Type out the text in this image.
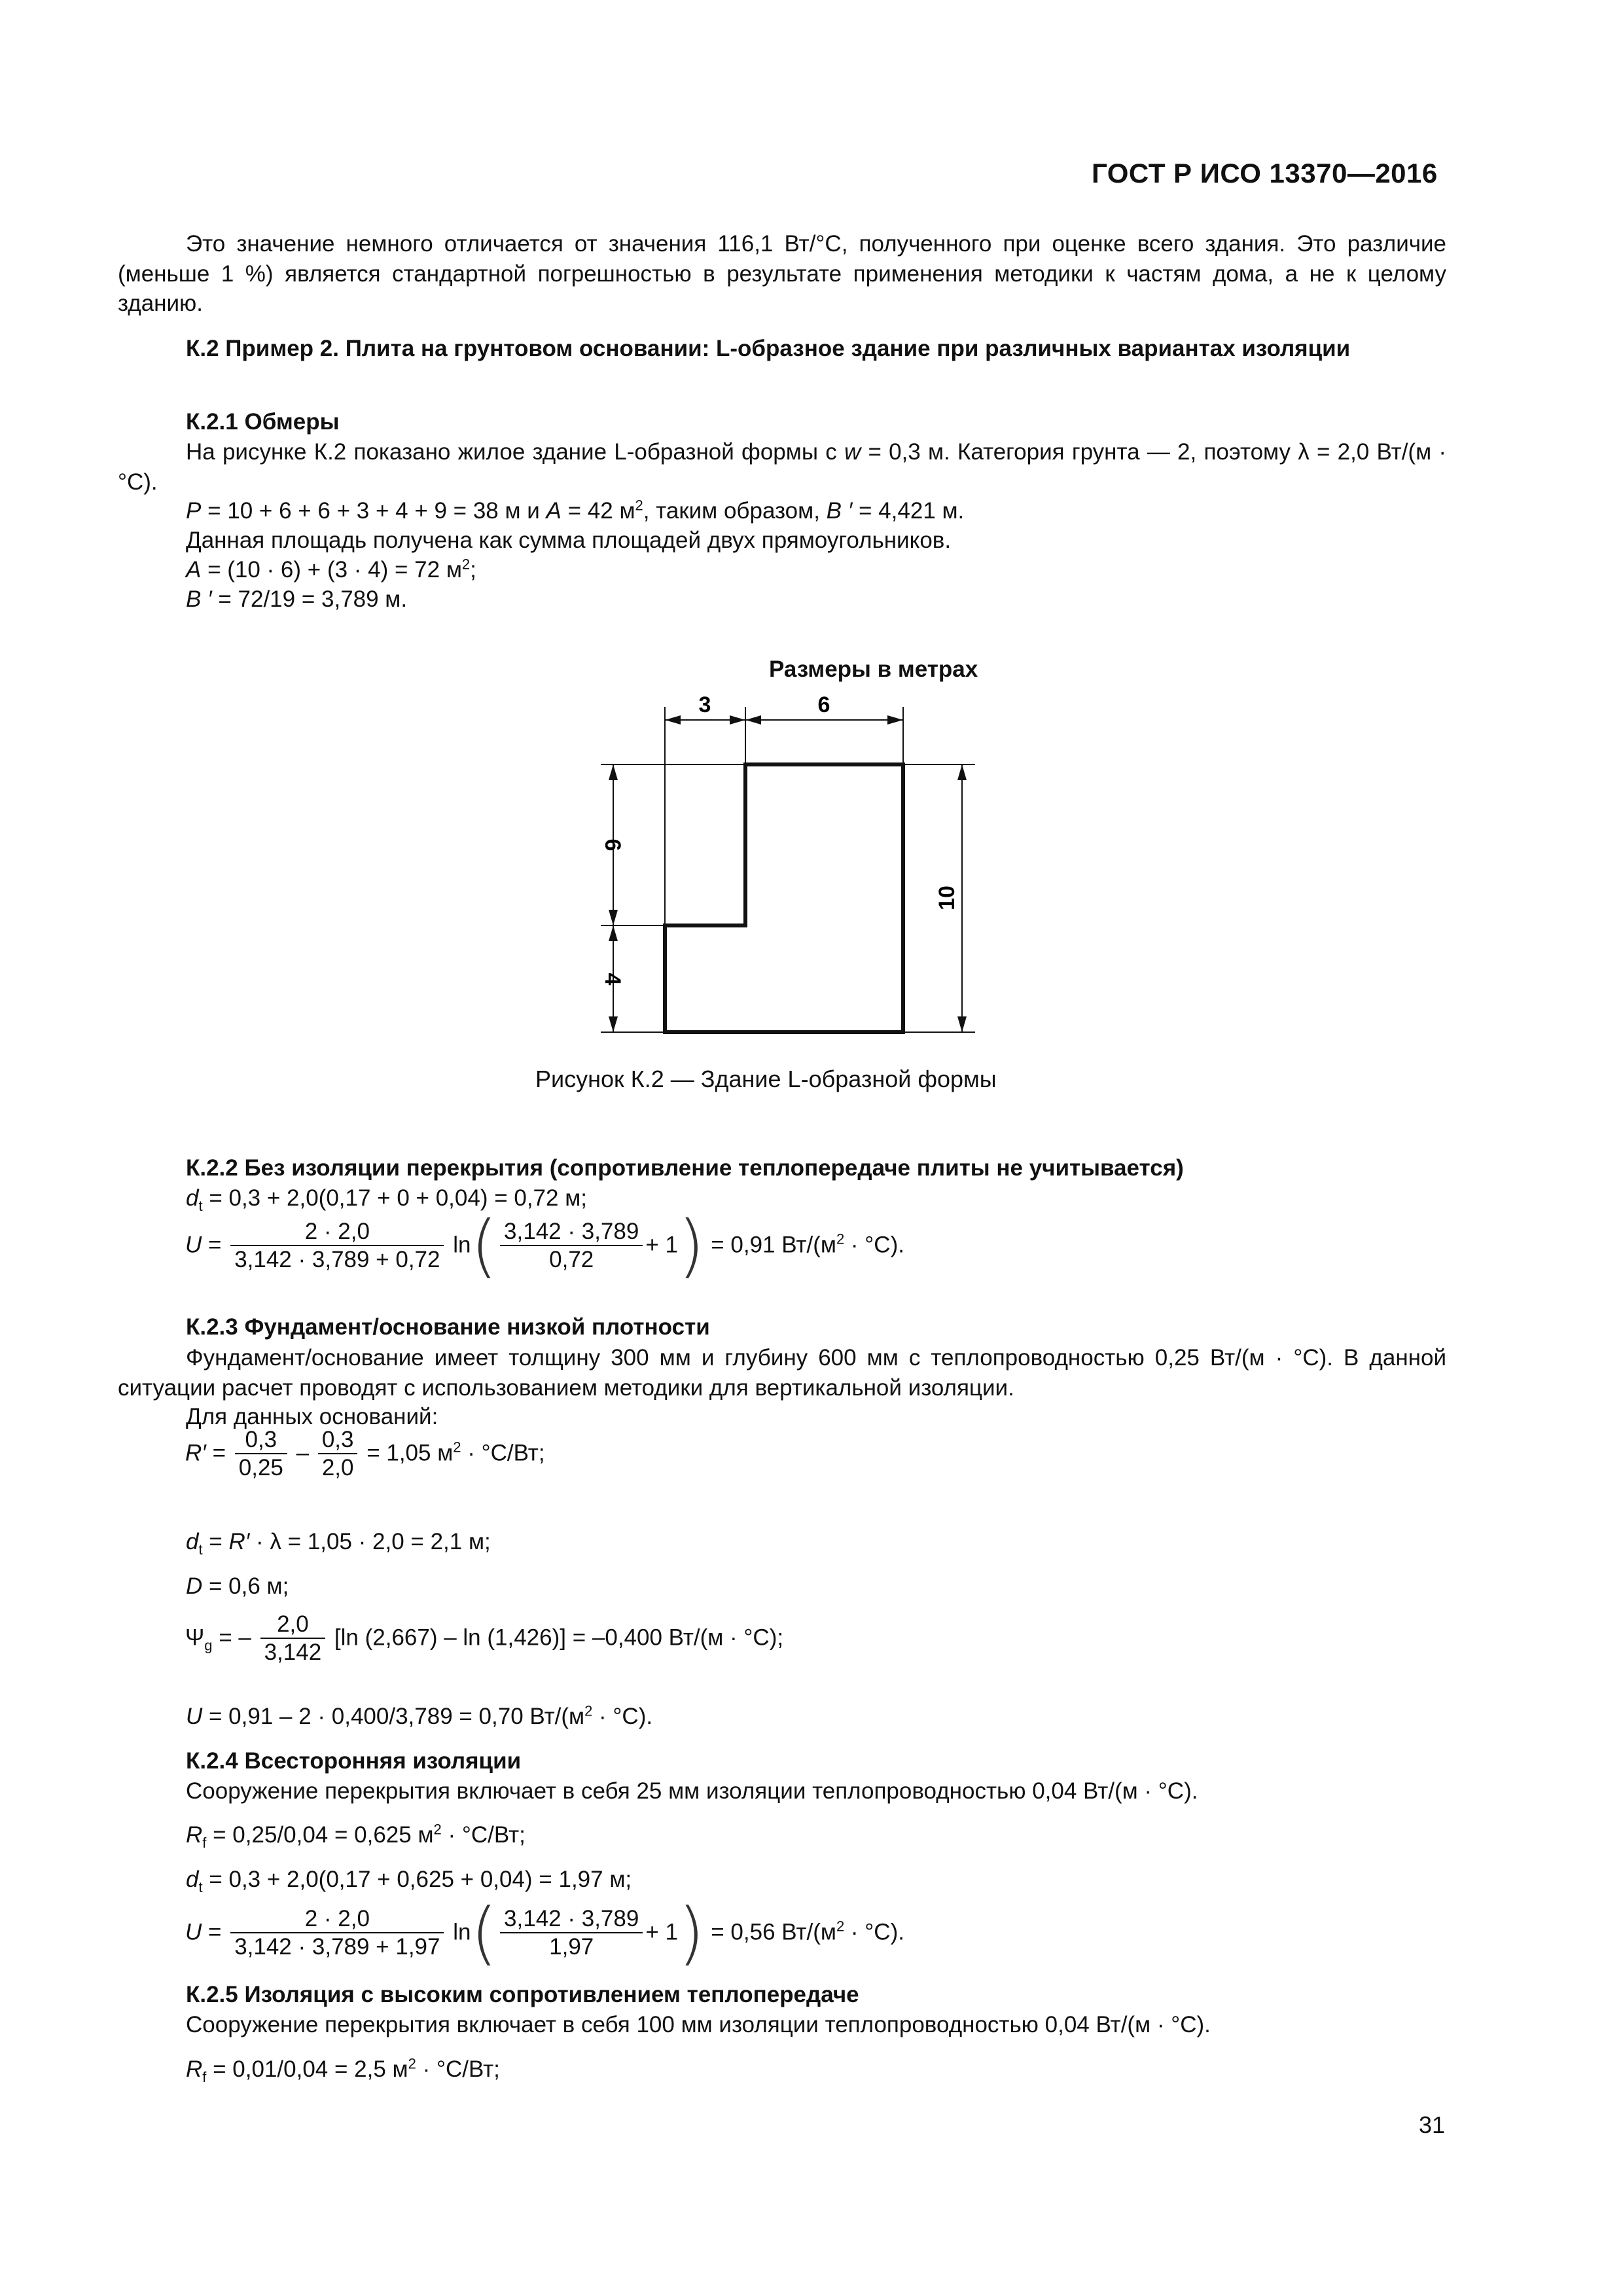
ГОСТ Р ИСО 13370—2016
Это значение немного отличается от значения 116,1 Вт/°С, полученного при оценке всего здания. Это различие (меньше 1 %) является стандартной погрешностью в результате применения методики к частям дома, а не к целому зданию.
К.2 Пример 2. Плита на грунтовом основании: L-образное здание при различных вариантах изоляции
К.2.1 Обмеры
На рисунке К.2 показано жилое здание L-образной формы с w = 0,3 м. Категория грунта — 2, поэтому λ = 2,0 Вт/(м · °С).
P = 10 + 6 + 6 + 3 + 4 + 9 = 38 м и A = 42 $м^2$, таким образом, B ′ = 4,421 м.
Данная площадь получена как сумма площадей двух прямоугольников.
A = (10 · 6) + (3 · 4) = 72 $м^2$;
B ′ = 72/19 = 3,789 м.
Размеры в метрах
3	6
6
4
10
Рисунок К.2 — Здание L-образной формы
К.2.2 Без изоляции перекрытия (сопротивление теплопередаче плиты не учитывается)
$d_t = 0,3 + 2,0(0,17 + 0 + 0,04) = 0,72$ м;
$U = \frac{2 \cdot 2,0}{3,142 \cdot 3,789 + 0,72} \ln( \frac{3,142 \cdot 3,789}{0,72} + 1) = 0,91$ $Вт/(м^2 \cdot ^\circ С)$.
К.2.3 Фундамент/основание низкой плотности
Фундамент/основание имеет толщину 300 мм и глубину 600 мм с теплопроводностью 0,25 Вт/(м · °С). В данной ситуации расчет проводят с использованием методики для вертикальной изоляции.
Для данных оснований:
$R' = \frac{0,3}{0,25} - \frac{0,3}{2,0} = 1,05$ $м^2 \cdot ^\circ С/Вт$;
$d_t = R' \cdot \lambda = 1,05 \cdot 2,0 = 2,1$ м;
D = 0,6 м;
$\Psi_g$ = – $\frac{2,0}{3,142} [\ln$ (2,667) – ln (1,426)] = –0,400 Вт/(м · °С);
U = 0,91 – 2 · 0,400/3,789 = 0,70 $Вт/(м^2 \cdot ^\circ С)$.
К.2.4 Всесторонняя изоляции
Сооружение перекрытия включает в себя 25 мм изоляции теплопроводностью 0,04 Вт/(м · °С).
$R_f = 0,25/0,04 = 0,625$ $м^2 \cdot ^\circ С/Вт$;
$d_t = 0,3 + 2,0(0,17 + 0,625 + 0,04) = 1,97$ м;
$U = \frac{2 \cdot 2,0}{3,142 \cdot 3,789 + 1,97} \ln( \frac{3,142 \cdot 3,789}{1,97} + 1) = 0,56$ $Вт/(м^2 \cdot ^\circ С)$.
К.2.5 Изоляция с высоким сопротивлением теплопередаче
Сооружение перекрытия включает в себя 100 мм изоляции теплопроводностью 0,04 Вт/(м · °С).
$R_f = 0,01/0,04 = 2,5$ $м^2 \cdot ^\circ С/Вт$;
31
